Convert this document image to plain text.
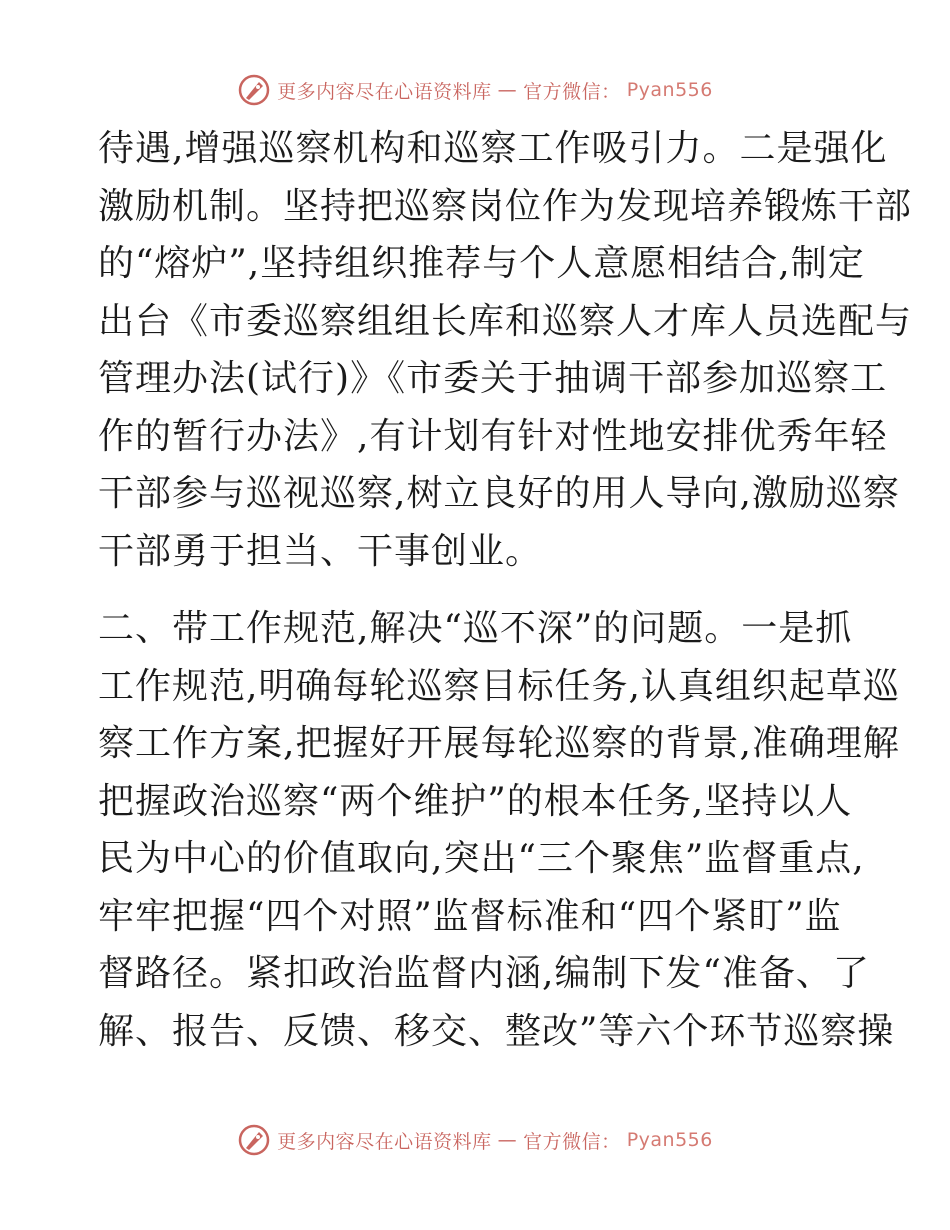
更多内容尽在心语资料库 — 官方微信： Pyan556
待遇,增强巡察机构和巡察工作吸引力。二是强化
激励机制。坚持把巡察岗位作为发现培养锻炼干部
的“熔炉”,坚持组织推荐与个人意愿相结合,制定
出台《市委巡察组组长库和巡察人才库人员选配与
管理办法(试行)》《市委关于抽调干部参加巡察工
作的暂行办法》,有计划有针对性地安排优秀年轻
干部参与巡视巡察,树立良好的用人导向,激励巡察
干部勇于担当、干事创业。
二、带工作规范,解决“巡不深”的问题。一是抓
工作规范,明确每轮巡察目标任务,认真组织起草巡
察工作方案,把握好开展每轮巡察的背景,准确理解
把握政治巡察“两个维护”的根本任务,坚持以人
民为中心的价值取向,突出“三个聚焦”监督重点,
牢牢把握“四个对照”监督标准和“四个紧盯”监
督路径。紧扣政治监督内涵,编制下发“准备、了
解、报告、反馈、移交、整改”等六个环节巡察操
更多内容尽在心语资料库 — 官方微信： Pyan556
